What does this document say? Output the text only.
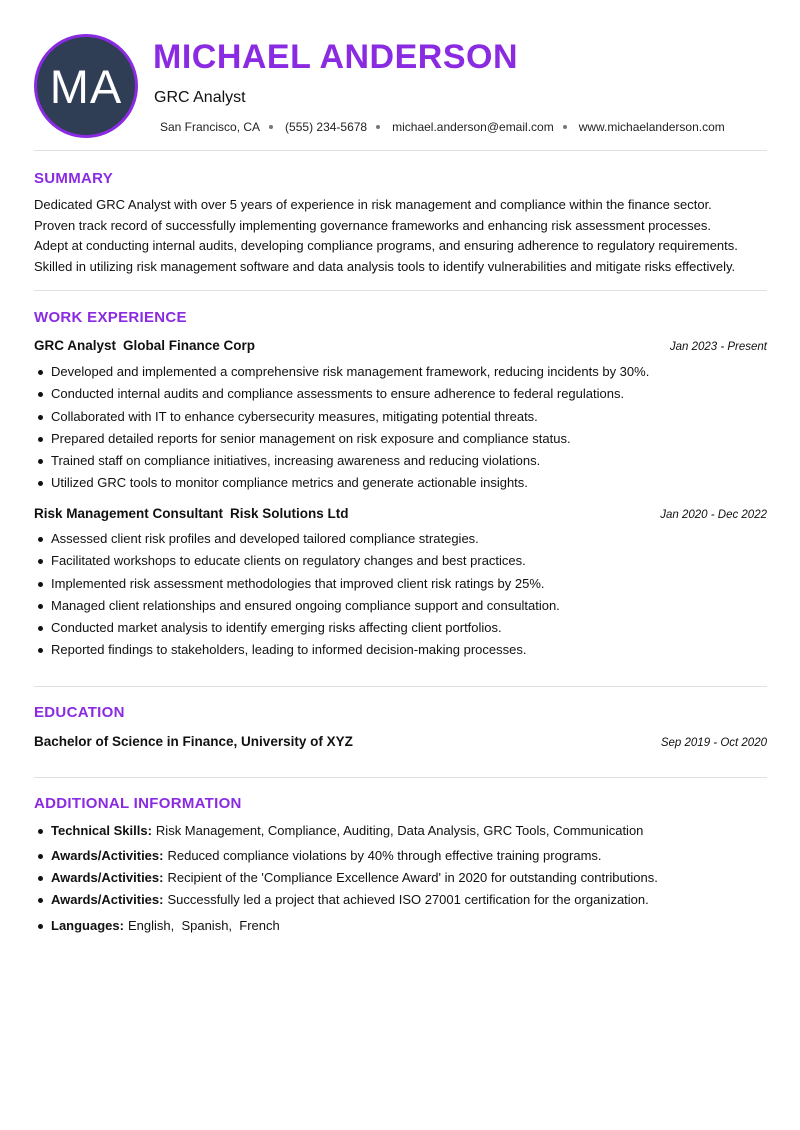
MA
MICHAEL ANDERSON
GRC Analyst
San Francisco, CA (555) 234-5678 michael.anderson@email.com www.michaelanderson.com
SUMMARY
Dedicated GRC Analyst with over 5 years of experience in risk management and compliance within the finance sector.
Proven track record of successfully implementing governance frameworks and enhancing risk assessment processes.
Adept at conducting internal audits, developing compliance programs, and ensuring adherence to regulatory requirements.
Skilled in utilizing risk management software and data analysis tools to identify vulnerabilities and mitigate risks effectively.
WORK EXPERIENCE
GRC Analyst Global Finance Corp	Jan 2023 - Present
Developed and implemented a comprehensive risk management framework, reducing incidents by 30%.
Conducted internal audits and compliance assessments to ensure adherence to federal regulations.
Collaborated with IT to enhance cybersecurity measures, mitigating potential threats.
Prepared detailed reports for senior management on risk exposure and compliance status.
Trained staff on compliance initiatives, increasing awareness and reducing violations.
Utilized GRC tools to monitor compliance metrics and generate actionable insights.
Risk Management Consultant Risk Solutions Ltd	Jan 2020 - Dec 2022
Assessed client risk profiles and developed tailored compliance strategies.
Facilitated workshops to educate clients on regulatory changes and best practices.
Implemented risk assessment methodologies that improved client risk ratings by 25%.
Managed client relationships and ensured ongoing compliance support and consultation.
Conducted market analysis to identify emerging risks affecting client portfolios.
Reported findings to stakeholders, leading to informed decision-making processes.
EDUCATION
Bachelor of Science in Finance, University of XYZ	Sep 2019 - Oct 2020
ADDITIONAL INFORMATION
Technical Skills: Risk Management, Compliance, Auditing, Data Analysis, GRC Tools, Communication
Awards/Activities: Reduced compliance violations by 40% through effective training programs.
Awards/Activities: Recipient of the 'Compliance Excellence Award' in 2020 for outstanding contributions.
Awards/Activities: Successfully led a project that achieved ISO 27001 certification for the organization.
Languages: English,  Spanish,  French
